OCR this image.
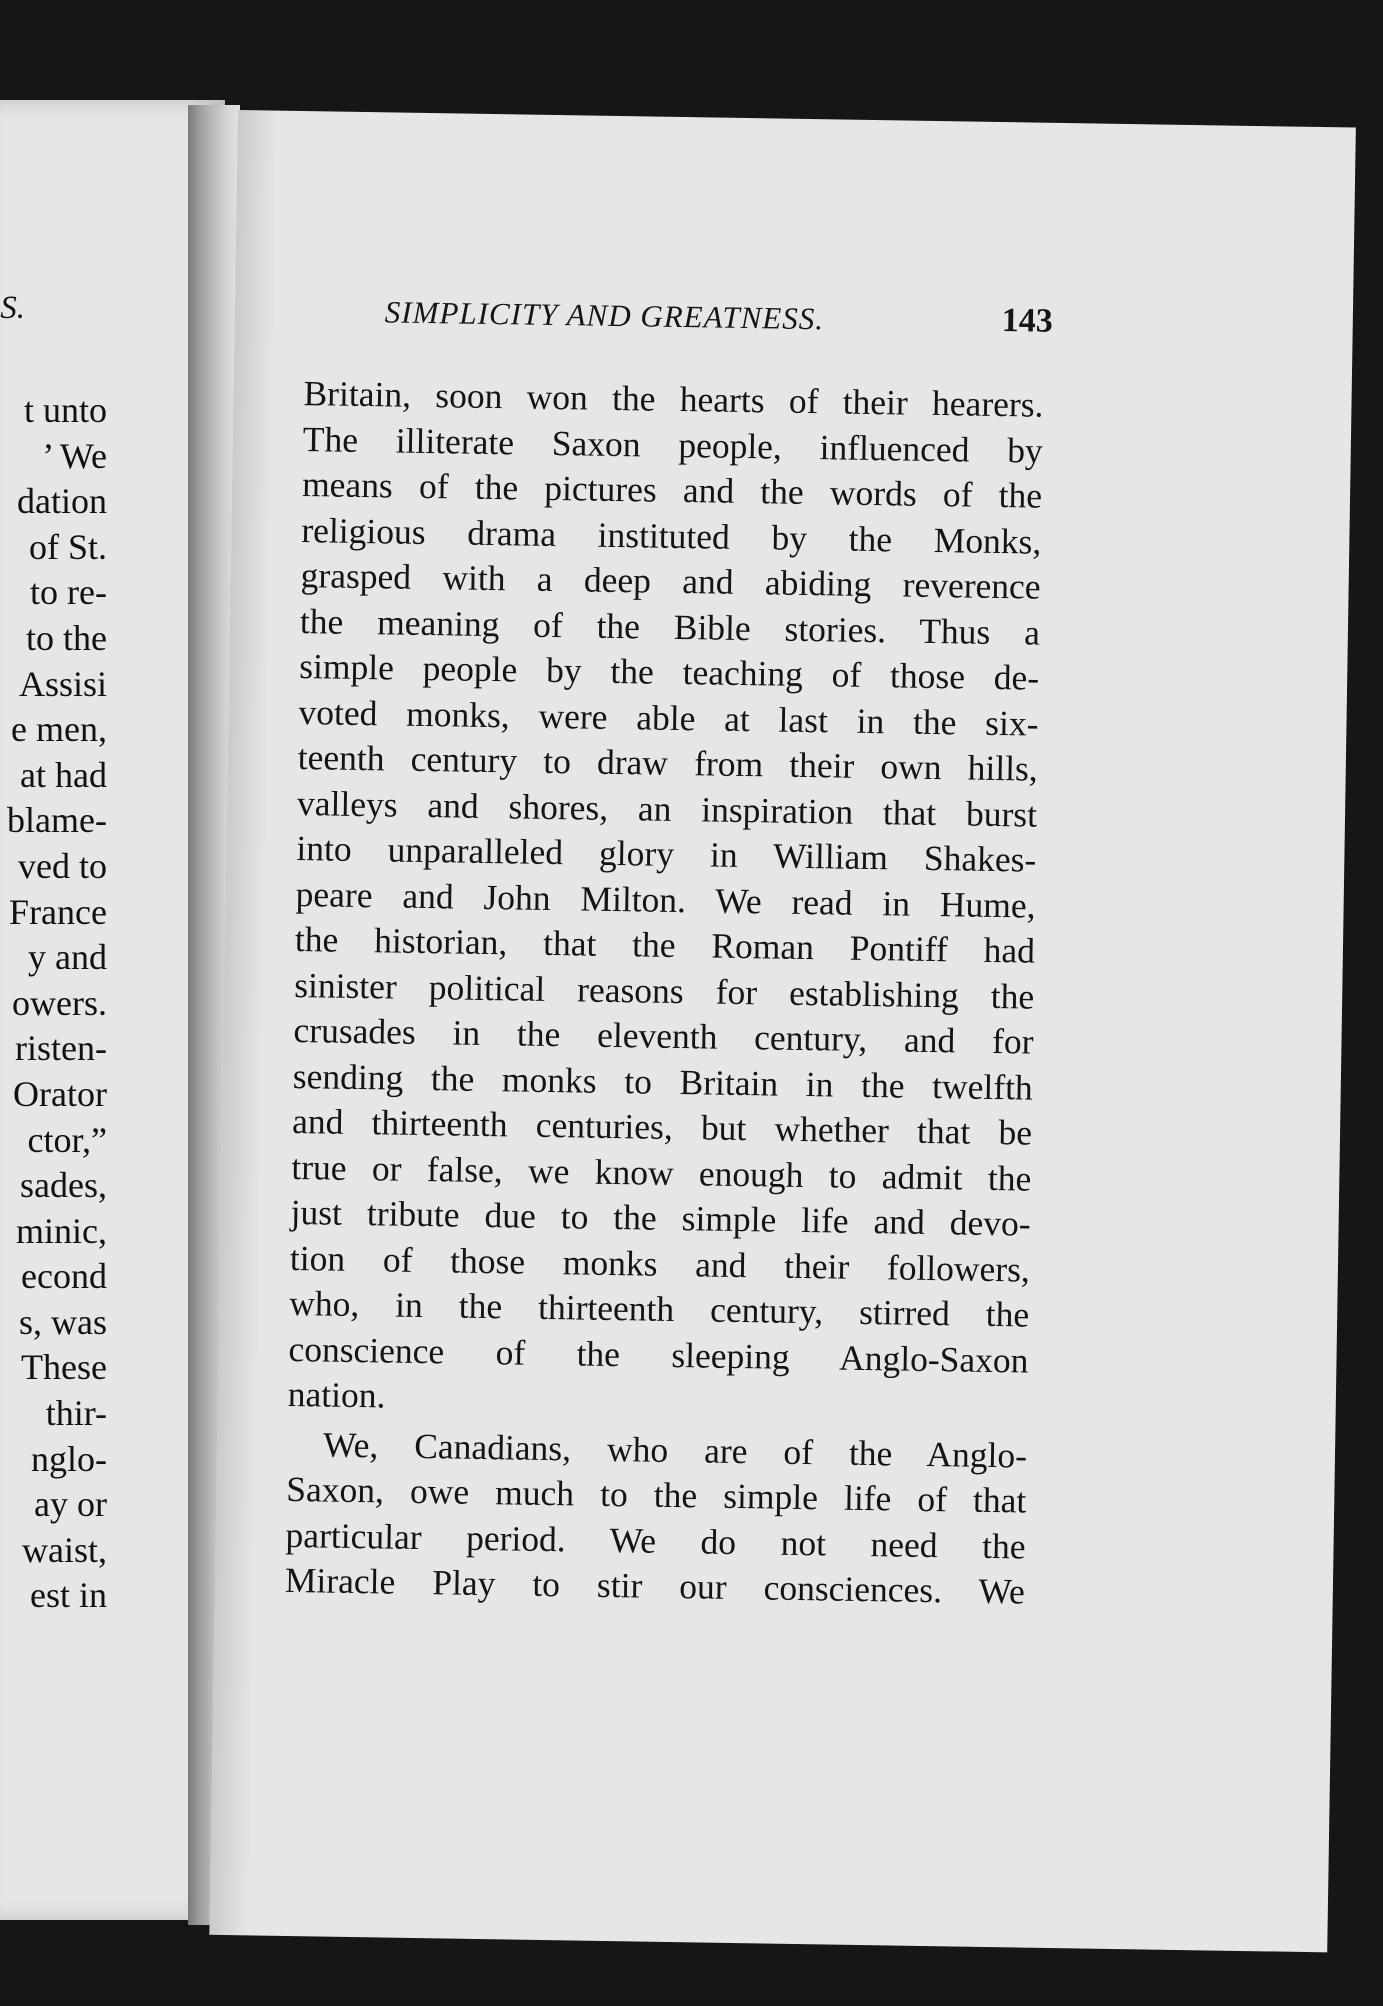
S.
t unto
’ We
dation
of St.
to re-
to the
Assisi
e men,
at had
blame-
ved to
France
y and
owers.
risten-
Orator
ctor,”
sades,
minic,
econd
s, was
These
thir-
nglo-
ay or
waist,
est in
SIMPLICITY AND GREATNESS.	143
Britain, soon won the hearts of their hearers.
The illiterate Saxon people, influenced by
means of the pictures and the words of the
religious drama instituted by the Monks,
grasped with a deep and abiding reverence
the meaning of the Bible stories. Thus a
simple people by the teaching of those de-
voted monks, were able at last in the six-
teenth century to draw from their own hills,
valleys and shores, an inspiration that burst
into unparalleled glory in William Shakes-
peare and John Milton. We read in Hume,
the historian, that the Roman Pontiff had
sinister political reasons for establishing the
crusades in the eleventh century, and for
sending the monks to Britain in the twelfth
and thirteenth centuries, but whether that be
true or false, we know enough to admit the
just tribute due to the simple life and devo-
tion of those monks and their followers,
who, in the thirteenth century, stirred the
conscience of the sleeping Anglo-Saxon
nation.
We, Canadians, who are of the Anglo-
Saxon, owe much to the simple life of that
particular period. We do not need the
Miracle Play to stir our consciences. We
